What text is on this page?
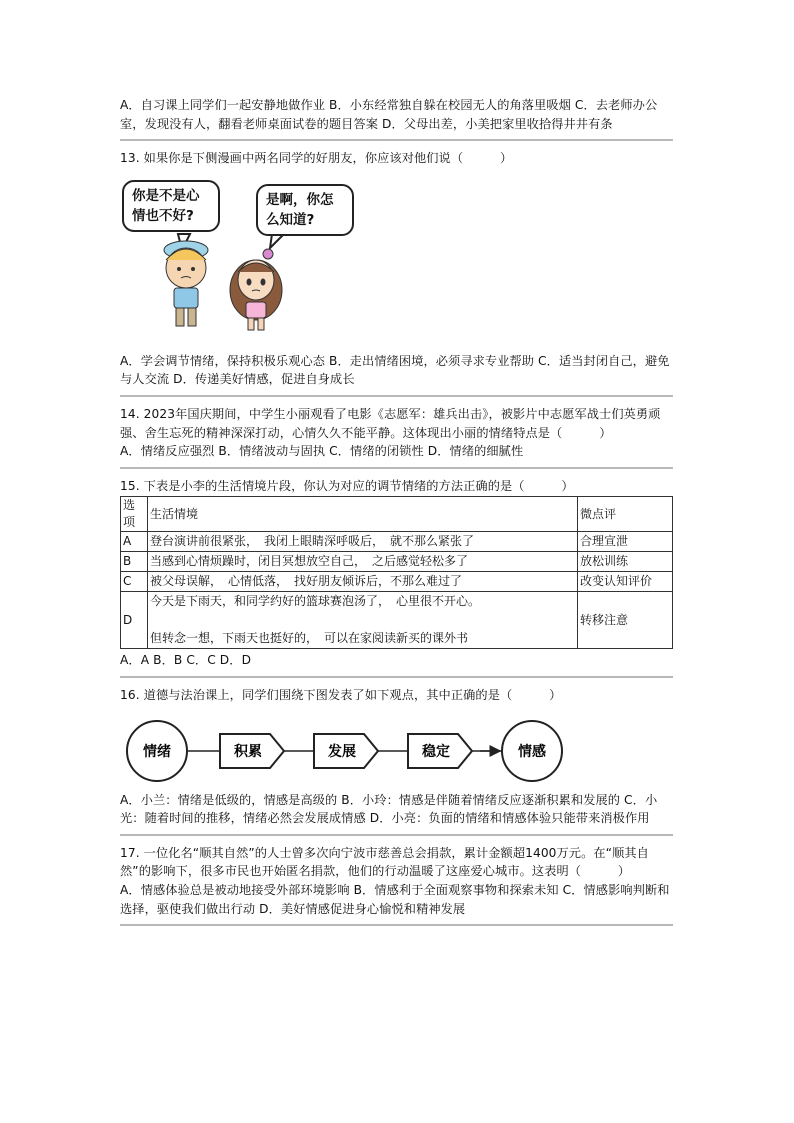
A．自习课上同学们一起安静地做作业 B．小东经常独自躲在校园无人的角落里吸烟 C．去老师办公室，发现没有人，翻看老师桌面试卷的题目答案 D．父母出差，小美把家里收拾得井井有条

13. 如果你是下侧漫画中两名同学的好朋友，你应该对他们说（　　　）

你是不是心情也不好?
是啊，你怎么知道?

A．学会调节情绪，保持积极乐观心态 B．走出情绪困境，必须寻求专业帮助 C．适当封闭自己，避免与人交流 D．传递美好情感，促进自身成长

14. 2023年国庆期间，中学生小丽观看了电影《志愿军：雄兵出击》，被影片中志愿军战士们英勇顽强、舍生忘死的精神深深打动，心情久久不能平静。这体现出小丽的情绪特点是（　　　）

A．情绪反应强烈 B．情绪波动与固执 C．情绪的闭锁性 D．情绪的细腻性

15. 下表是小李的生活情境片段，你认为对应的调节情绪的方法正确的是（　　　）

选项	生活情境	微点评
A	登台演讲前很紧张，　我闭上眼睛深呼吸后，　就不那么紧张了	合理宣泄
B	当感到心情烦躁时，闭目冥想放空自己，　之后感觉轻松多了	放松训练
C	被父母误解，　心情低落，　找好朋友倾诉后，不那么难过了	改变认知评价
D	今天是下雨天，和同学约好的篮球赛泡汤了，　心里很不开心。
但转念一想，下雨天也挺好的，　可以在家阅读新买的课外书	转移注意

A．A B．B C．C D．D

16. 道德与法治课上，同学们围绕下图发表了如下观点，其中正确的是（　　　）

情绪	积累	发展	稳定	情感

A．小兰：情绪是低级的，情感是高级的 B．小玲：情感是伴随着情绪反应逐渐积累和发展的 C．小光：随着时间的推移，情绪必然会发展成情感 D．小亮：负面的情绪和情感体验只能带来消极作用

17. 一位化名“顺其自然”的人士曾多次向宁波市慈善总会捐款，累计金额超1400万元。在“顺其自然”的影响下，很多市民也开始匿名捐款，他们的行动温暖了这座爱心城市。这表明（　　　）

A．情感体验总是被动地接受外部环境影响 B．情感利于全面观察事物和探索未知 C．情感影响判断和选择，驱使我们做出行动 D．美好情感促进身心愉悦和精神发展
